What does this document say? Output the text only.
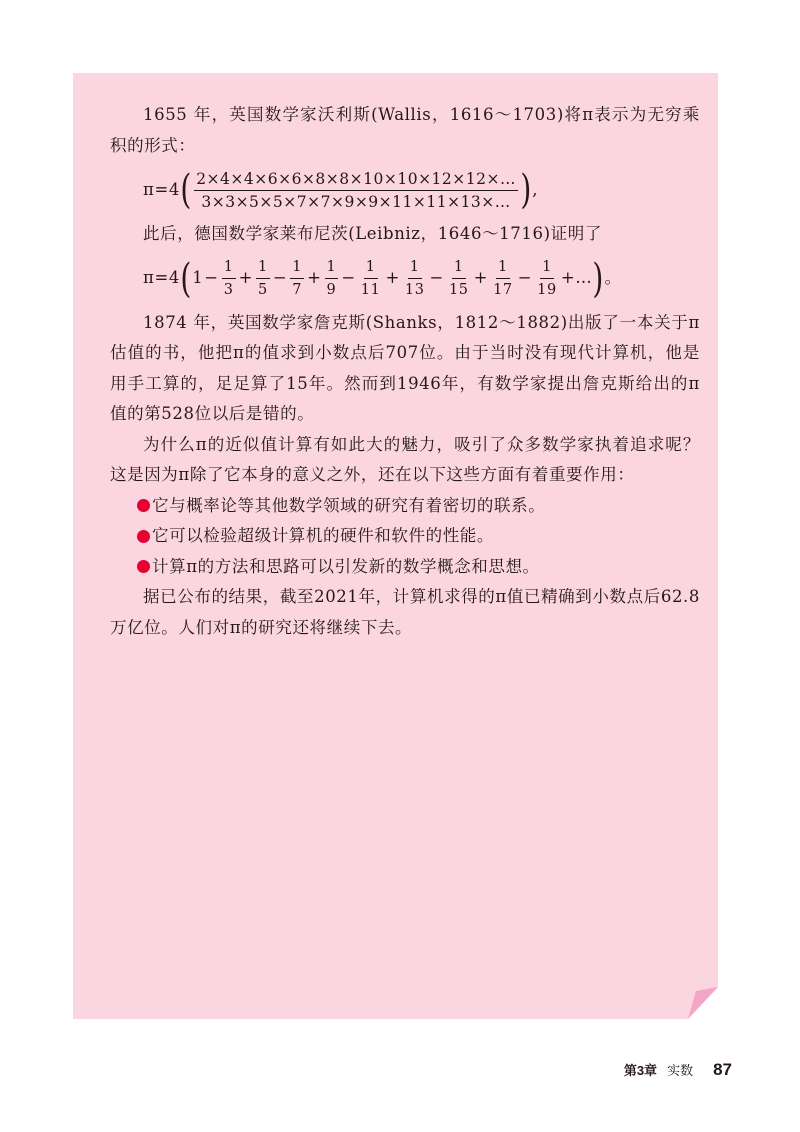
1655 年，英国数学家沃利斯(Wallis，1616～1703)将π表示为无穷乘积的形式：

π=4 ( $\frac{2\times 4\times 4\times 6\times 6\times 8\times 8\times 10\times 10\times 12\times 12\times\dots}{3\times 3\times 5\times 5\times 7\times 7\times 9\times 9\times 11\times 11\times 13\times\dots}$ ) ,

此后，德国数学家莱布尼茨(Leibniz，1646～1716)证明了

π=4 ( $1 - \frac{1}{3} + \frac{1}{5} - \frac{1}{7} + \frac{1}{9} - \frac{1}{11} + \frac{1}{13} - \frac{1}{15} + \frac{1}{17} - \frac{1}{19}$ +… ) 。

1874 年，英国数学家詹克斯(Shanks，1812～1882)出版了一本关于π估值的书，他把π的值求到小数点后707位。由于当时没有现代计算机，他是用手工算的，足足算了15年。然而到1946年，有数学家提出詹克斯给出的π值的第528位以后是错的。

为什么π的近似值计算有如此大的魅力，吸引了众多数学家执着追求呢？这是因为π除了它本身的意义之外，还在以下这些方面有着重要作用：

它与概率论等其他数学领域的研究有着密切的联系。

它可以检验超级计算机的硬件和软件的性能。

计算π的方法和思路可以引发新的数学概念和思想。

据已公布的结果，截至2021年，计算机求得的π值已精确到小数点后62.8万亿位。人们对π的研究还将继续下去。

第3章 实数 87
